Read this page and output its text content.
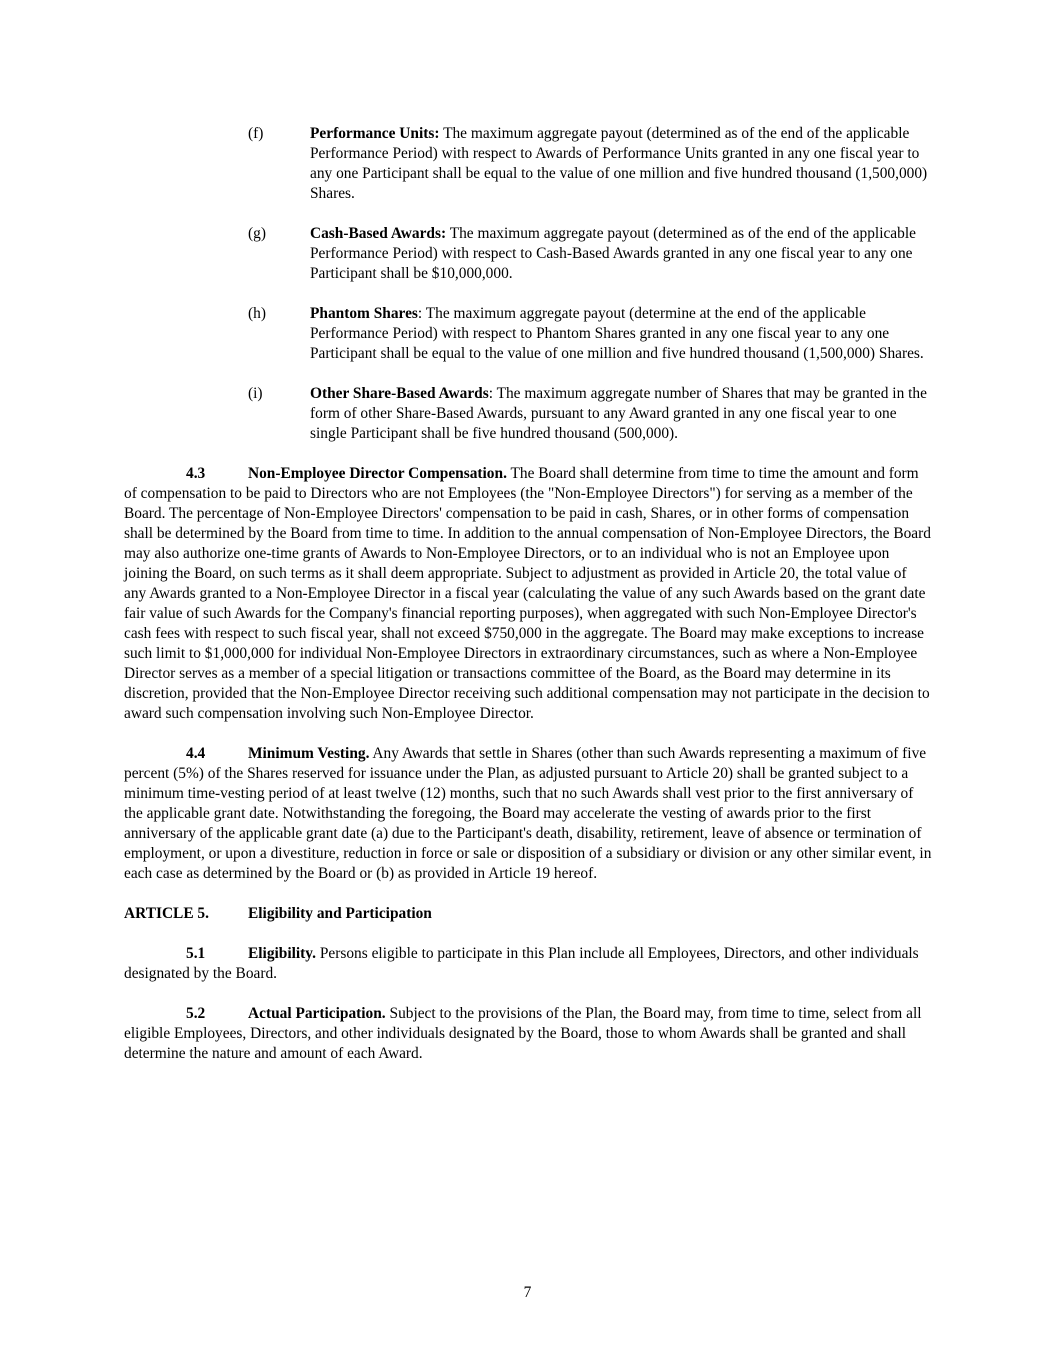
(f)	Performance Units: The maximum aggregate payout (determined as of the end of the applicable Performance Period) with respect to Awards of Performance Units granted in any one fiscal year to any one Participant shall be equal to the value of one million and five hundred thousand (1,500,000) Shares.
(g)	Cash-Based Awards: The maximum aggregate payout (determined as of the end of the applicable Performance Period) with respect to Cash-Based Awards granted in any one fiscal year to any one Participant shall be $10,000,000.
(h)	Phantom Shares: The maximum aggregate payout (determine at the end of the applicable Performance Period) with respect to Phantom Shares granted in any one fiscal year to any one Participant shall be equal to the value of one million and five hundred thousand (1,500,000) Shares.
(i)	Other Share-Based Awards: The maximum aggregate number of Shares that may be granted in the form of other Share-Based Awards, pursuant to any Award granted in any one fiscal year to one single Participant shall be five hundred thousand (500,000).

4.3	Non-Employee Director Compensation. The Board shall determine from time to time the amount and form of compensation to be paid to Directors who are not Employees (the "Non-Employee Directors") for serving as a member of the Board. The percentage of Non-Employee Directors' compensation to be paid in cash, Shares, or in other forms of compensation shall be determined by the Board from time to time. In addition to the annual compensation of Non-Employee Directors, the Board may also authorize one-time grants of Awards to Non-Employee Directors, or to an individual who is not an Employee upon joining the Board, on such terms as it shall deem appropriate. Subject to adjustment as provided in Article 20, the total value of any Awards granted to a Non-Employee Director in a fiscal year (calculating the value of any such Awards based on the grant date fair value of such Awards for the Company's financial reporting purposes), when aggregated with such Non-Employee Director's cash fees with respect to such fiscal year, shall not exceed $750,000 in the aggregate. The Board may make exceptions to increase such limit to $1,000,000 for individual Non-Employee Directors in extraordinary circumstances, such as where a Non-Employee Director serves as a member of a special litigation or transactions committee of the Board, as the Board may determine in its discretion, provided that the Non-Employee Director receiving such additional compensation may not participate in the decision to award such compensation involving such Non-Employee Director.

4.4	Minimum Vesting. Any Awards that settle in Shares (other than such Awards representing a maximum of five percent (5%) of the Shares reserved for issuance under the Plan, as adjusted pursuant to Article 20) shall be granted subject to a minimum time-vesting period of at least twelve (12) months, such that no such Awards shall vest prior to the first anniversary of the applicable grant date. Notwithstanding the foregoing, the Board may accelerate the vesting of awards prior to the first anniversary of the applicable grant date (a) due to the Participant's death, disability, retirement, leave of absence or termination of employment, or upon a divestiture, reduction in force or sale or disposition of a subsidiary or division or any other similar event, in each case as determined by the Board or (b) as provided in Article 19 hereof.

ARTICLE 5.	Eligibility and Participation

5.1	Eligibility. Persons eligible to participate in this Plan include all Employees, Directors, and other individuals designated by the Board.

5.2	Actual Participation. Subject to the provisions of the Plan, the Board may, from time to time, select from all eligible Employees, Directors, and other individuals designated by the Board, those to whom Awards shall be granted and shall determine the nature and amount of each Award.

7
